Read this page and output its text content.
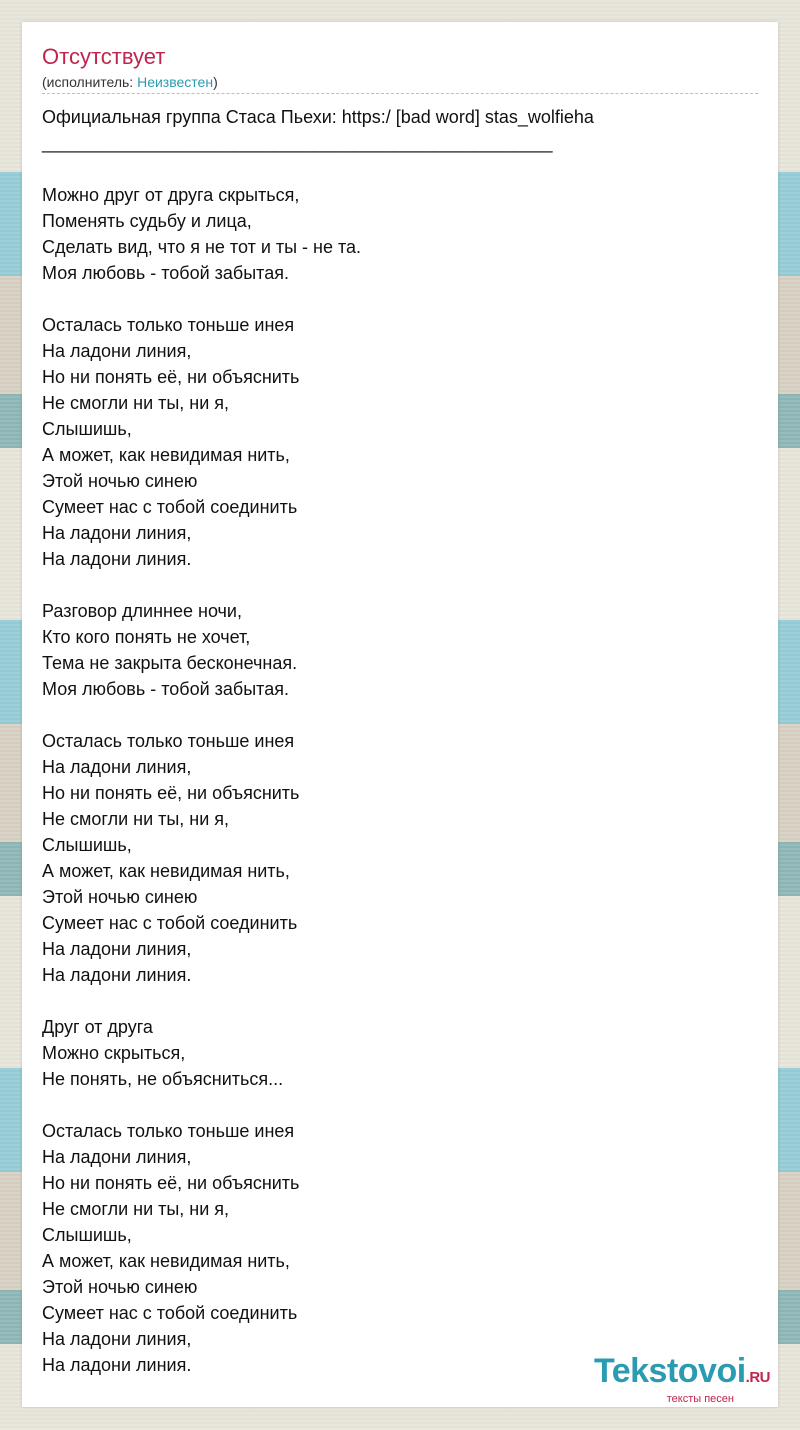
Отсутствует
(исполнитель: Неизвестен)
Официальная группа Стаса Пьехи: https:/ [bad word] stas_wolfieha
___________________________________________________

Можно друг от друга скрыться,
Поменять судьбу и лица,
Сделать вид, что я не тот и ты - не та.
Моя любовь - тобой забытая.

Осталась только тоньше инея
На ладони линия,
Но ни понять её, ни объяснить
Не смогли ни ты, ни я,
Слышишь,
А может, как невидимая нить,
Этой ночью синею
Сумеет нас с тобой соединить
На ладони линия,
На ладони линия.

Разговор длиннее ночи,
Кто кого понять не хочет,
Тема не закрыта бесконечная.
Моя любовь - тобой забытая.

Осталась только тоньше инея
На ладони линия,
Но ни понять её, ни объяснить
Не смогли ни ты, ни я,
Слышишь,
А может, как невидимая нить,
Этой ночью синею
Сумеет нас с тобой соединить
На ладони линия,
На ладони линия.

Друг от друга
Можно скрыться,
Не понять, не объясниться...

Осталась только тоньше инея
На ладони линия,
Но ни понять её, ни объяснить
Не смогли ни ты, ни я,
Слышишь,
А может, как невидимая нить,
Этой ночью синею
Сумеет нас с тобой соединить
На ладони линия,
На ладони линия.	Tekstovoi.RU
тексты песен
